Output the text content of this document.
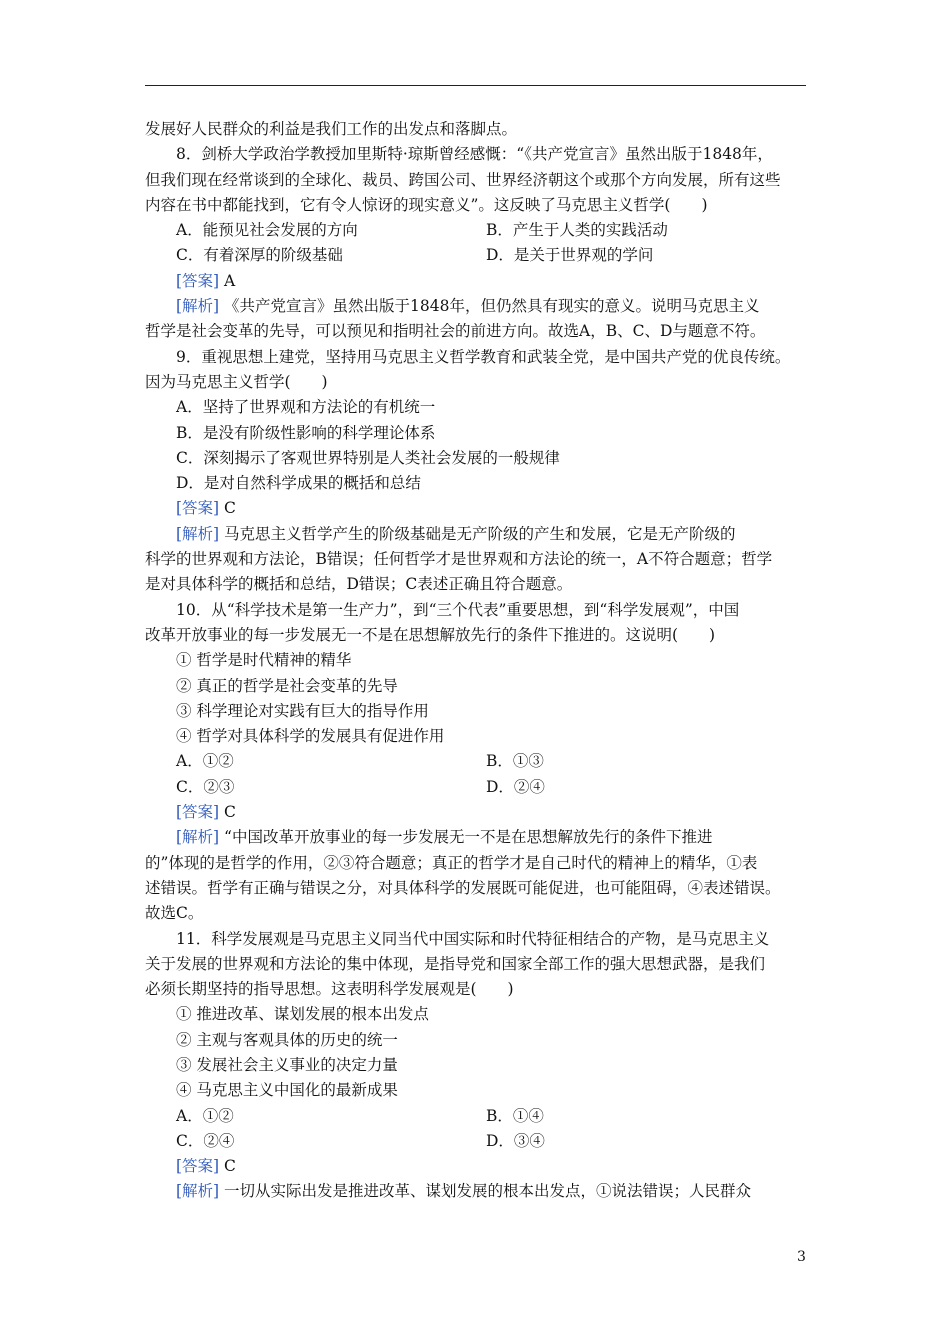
发展好人民群众的利益是我们工作的出发点和落脚点。

8．剑桥大学政治学教授加里斯特·琼斯曾经感慨：“《共产党宣言》虽然出版于1848年，

但我们现在经常谈到的全球化、裁员、跨国公司、世界经济朝这个或那个方向发展，所有这些

内容在书中都能找到，它有令人惊讶的现实意义”。这反映了马克思主义哲学(　　)

A．能预见社会发展的方向	B．产生于人类的实践活动
C．有着深厚的阶级基础	D．是关于世界观的学问

[答案] A

[解析] 《共产党宣言》虽然出版于1848年，但仍然具有现实的意义。说明马克思主义

哲学是社会变革的先导，可以预见和指明社会的前进方向。故选A，B、C、D与题意不符。

9．重视思想上建党，坚持用马克思主义哲学教育和武装全党，是中国共产党的优良传统。

因为马克思主义哲学(　　)

A．坚持了世界观和方法论的有机统一

B．是没有阶级性影响的科学理论体系

C．深刻揭示了客观世界特别是人类社会发展的一般规律

D．是对自然科学成果的概括和总结

[答案] C

[解析] 马克思主义哲学产生的阶级基础是无产阶级的产生和发展，它是无产阶级的

科学的世界观和方法论，B错误；任何哲学才是世界观和方法论的统一，A不符合题意；哲学

是对具体科学的概括和总结，D错误；C表述正确且符合题意。

10．从“科学技术是第一生产力”，到“三个代表”重要思想，到“科学发展观”，中国

改革开放事业的每一步发展无一不是在思想解放先行的条件下推进的。这说明(　　)

① 哲学是时代精神的精华

② 真正的哲学是社会变革的先导

③ 科学理论对实践有巨大的指导作用

④ 哲学对具体科学的发展具有促进作用

A．①②	B．①③
C．②③	D．②④

[答案] C

[解析] “中国改革开放事业的每一步发展无一不是在思想解放先行的条件下推进

的”体现的是哲学的作用，②③符合题意；真正的哲学才是自己时代的精神上的精华，①表

述错误。哲学有正确与错误之分，对具体科学的发展既可能促进，也可能阻碍，④表述错误。

故选C。

11．科学发展观是马克思主义同当代中国实际和时代特征相结合的产物，是马克思主义

关于发展的世界观和方法论的集中体现，是指导党和国家全部工作的强大思想武器，是我们

必须长期坚持的指导思想。这表明科学发展观是(　　)

① 推进改革、谋划发展的根本出发点

② 主观与客观具体的历史的统一

③ 发展社会主义事业的决定力量

④ 马克思主义中国化的最新成果

A．①②	B．①④
C．②④	D．③④

[答案] C

[解析] 一切从实际出发是推进改革、谋划发展的根本出发点，①说法错误；人民群众

3
